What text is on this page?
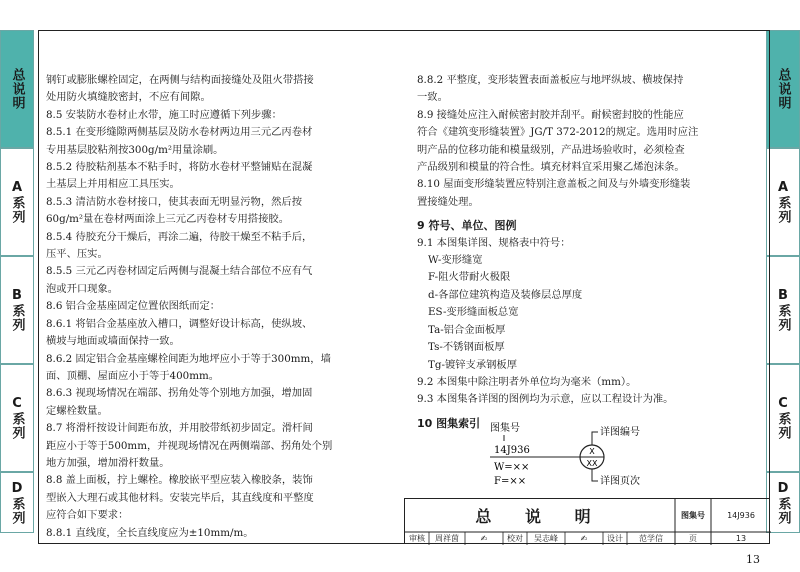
总说明
A系列
B系列
C系列
D系列
总说明
A系列
B系列
C系列
D系列

钢钉或膨胀螺栓固定，在两侧与结构面接缝处及阻火带搭接

处用防火填缝胶密封，不应有间隙。

8.5 安装防水卷材止水带，施工时应遵循下列步骤：

8.5.1 在变形缝隙两侧基层及防水卷材两边用三元乙丙卷材

专用基层胶粘剂按300g/m²用量涂刷。

8.5.2 待胶粘剂基本不粘手时，将防水卷材平整铺贴在混凝

土基层上并用相应工具压实。

8.5.3 清洁防水卷材接口，使其表面无明显污物，然后按

60g/m²量在卷材两面涂上三元乙丙卷材专用搭接胶。

8.5.4 待胶充分干燥后，再涂二遍，待胶干燥至不粘手后，

压平、压实。

8.5.5 三元乙丙卷材固定后两侧与混凝土结合部位不应有气

泡或开口现象。

8.6 铝合金基座固定位置依图纸而定：

8.6.1 将铝合金基座放入槽口，调整好设计标高，使纵坡、

横坡与地面或墙面保持一致。

8.6.2 固定铝合金基座螺栓间距为地坪应小于等于300mm，墙

面、顶棚、屋面应小于等于400mm。

8.6.3 视现场情况在端部、拐角处等个别地方加强，增加固

定螺栓数量。

8.7 将滑杆按设计间距布放，并用胶带纸初步固定。滑杆间

距应小于等于500mm，并视现场情况在两侧端部、拐角处个别

地方加强，增加滑杆数量。

8.8 盖上面板，拧上螺栓。橡胶嵌平型应装入橡胶条，装饰

型嵌入大理石或其他材料。安装完毕后，其直线度和平整度

应符合如下要求：

8.8.1 直线度，全长直线度应为±10mm/m。

8.8.2 平整度，变形装置表面盖板应与地坪纵坡、横坡保持

一致。

8.9 接缝处应注入耐候密封胶并刮平。耐候密封胶的性能应

符合《建筑变形缝装置》JG/T 372-2012的规定。选用时应注

明产品的位移功能和模量级别，产品进场验收时，必须检查

产品级别和模量的符合性。填充材料宜采用聚乙烯泡沫条。

8.10 屋面变形缝装置应特别注意盖板之间及与外墙变形缝装

置接缝处理。

9 符号、单位、图例

9.1 本图集详图、规格表中符号：

W-变形缝宽

F-阻火带耐火极限

d-各部位建筑构造及装修层总厚度

ES-变形缝面板总宽

Ta-铝合金面板厚

Ts-不锈钢面板厚

Tg-镀锌支承钢板厚

9.2 本图集中除注明者外单位均为毫米（mm）。

9.3 本图集各详图的图例均为示意，应以工程设计为准。

10 图集索引 图集号
14J936
W=××
F=××
X
XX
详图编号
详图页次
总 说 明	图集号	14J936
审核	周祥茵	✍	校对	吴志峰	✍	设计	范学信	页	13
13
